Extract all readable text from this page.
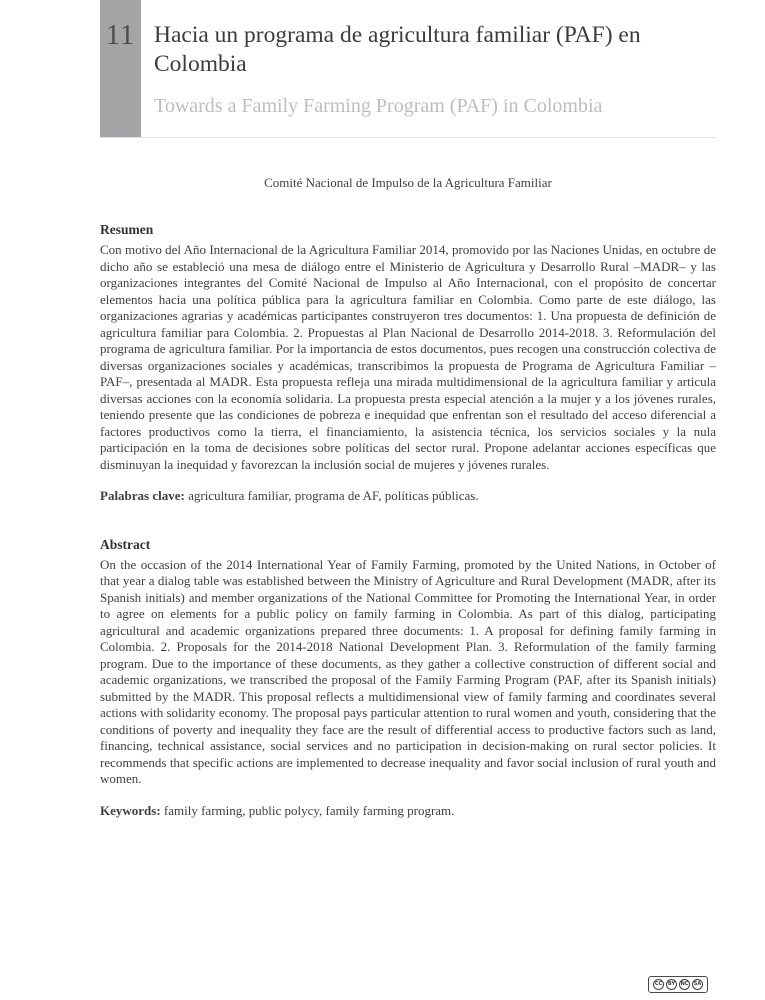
11 Hacia un programa de agricultura familiar (PAF) en Colombia
Towards a Family Farming Program (PAF) in Colombia
Comité Nacional de Impulso de la Agricultura Familiar
Resumen

Con motivo del Año Internacional de la Agricultura Familiar 2014, promovido por las Naciones Unidas, en octubre de dicho año se estableció una mesa de diálogo entre el Ministerio de Agricultura y Desarrollo Rural –MADR– y las organizaciones integrantes del Comité Nacional de Impulso al Año Internacional, con el propósito de concertar elementos hacia una política pública para la agricultura familiar en Colombia. Como parte de este diálogo, las organizaciones agrarias y académicas participantes construyeron tres documentos: 1. Una propuesta de definición de agricultura familiar para Colombia. 2. Propuestas al Plan Nacional de Desarrollo 2014-2018. 3. Reformulación del programa de agricultura familiar. Por la importancia de estos documentos, pues recogen una construcción colectiva de diversas organizaciones sociales y académicas, transcribimos la propuesta de Programa de Agricultura Familiar –PAF–, presentada al MADR. Esta propuesta refleja una mirada multidimensional de la agricultura familiar y articula diversas acciones con la economía solidaria. La propuesta presta especial atención a la mujer y a los jóvenes rurales, teniendo presente que las condiciones de pobreza e inequidad que enfrentan son el resultado del acceso diferencial a factores productivos como la tierra, el financiamiento, la asistencia técnica, los servicios sociales y la nula participación en la toma de decisiones sobre políticas del sector rural. Propone adelantar acciones específicas que disminuyan la inequidad y favorezcan la inclusión social de mujeres y jóvenes rurales.

Palabras clave: agricultura familiar, programa de AF, políticas públicas.

Abstract

On the occasion of the 2014 International Year of Family Farming, promoted by the United Nations, in October of that year a dialog table was established between the Ministry of Agriculture and Rural Development (MADR, after its Spanish initials) and member organizations of the National Committee for Promoting the International Year, in order to agree on elements for a public policy on family farming in Colombia. As part of this dialog, participating agricultural and academic organizations prepared three documents: 1. A proposal for defining family farming in Colombia. 2. Proposals for the 2014-2018 National Development Plan. 3. Reformulation of the family farming program. Due to the importance of these documents, as they gather a collective construction of different social and academic organizations, we transcribed the proposal of the Family Farming Program (PAF, after its Spanish initials) submitted by the MADR. This proposal reflects a multidimensional view of family farming and coordinates several actions with solidarity economy. The proposal pays particular attention to rural women and youth, considering that the conditions of poverty and inequality they face are the result of differential access to productive factors such as land, financing, technical assistance, social services and no participation in decision-making on rural sector policies. It recommends that specific actions are implemented to decrease inequality and favor social inclusion of rural youth and women.

Keywords: family farming, public polycy, family farming program.

CC	BY	NC	SA
